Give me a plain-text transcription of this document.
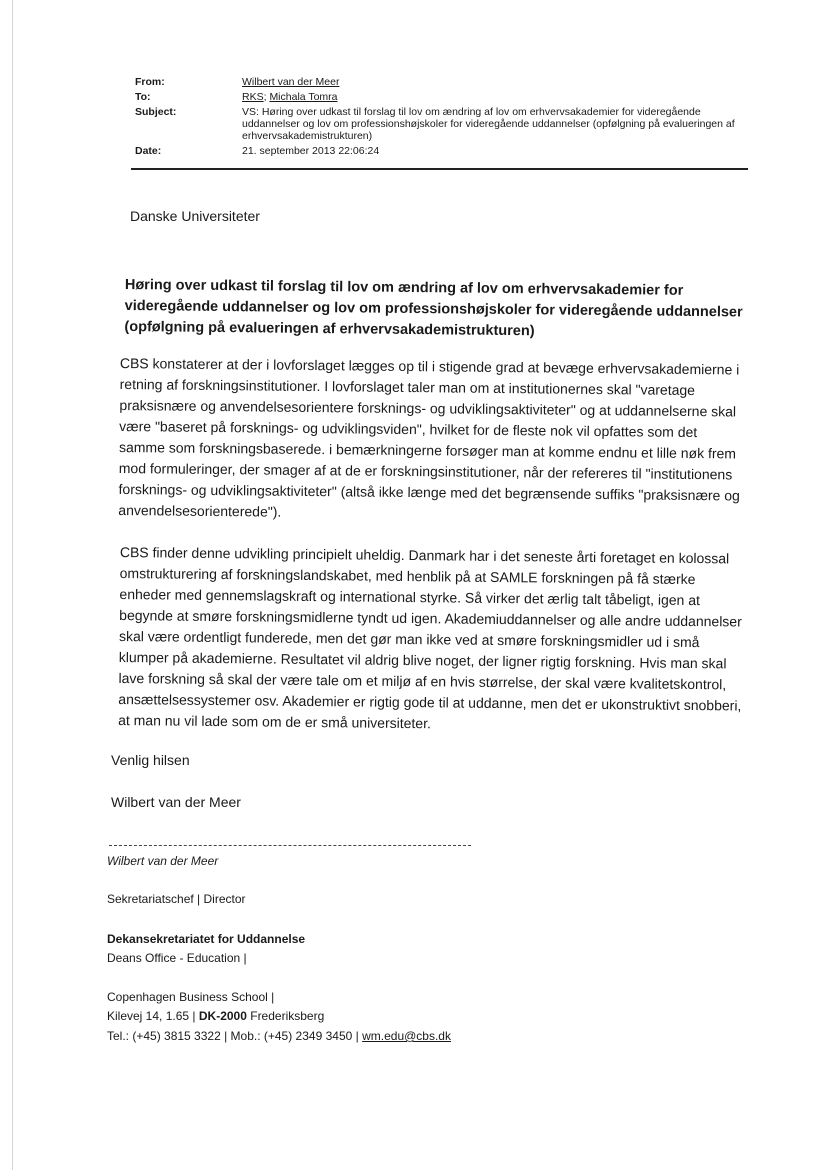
From:	Wilbert van der Meer
To:	RKS; Michala Tomra
Subject:	VS: Høring over udkast til forslag til lov om ændring af lov om erhvervsakademier for videregående uddannelser og lov om professionshøjskoler for videregående uddannelser (opfølgning på evalueringen af erhvervsakademistrukturen)
Date:	21. september 2013 22:06:24
Danske Universiteter
Høring over udkast til forslag til lov om ændring af lov om erhvervsakademier for videregående uddannelser og lov om professionshøjskoler for videregående uddannelser (opfølgning på evalueringen af erhvervsakademistrukturen)

CBS konstaterer at der i lovforslaget lægges op til i stigende grad at bevæge erhvervsakademierne i retning af forskningsinstitutioner. I lovforslaget taler man om at institutionernes skal "varetage praksisnære og anvendelsesorientere forsknings- og udviklingsaktiviteter" og at uddannelserne skal være "baseret på forsknings- og udviklingsviden", hvilket for de fleste nok vil opfattes som det samme som forskningsbaserede. i bemærkningerne forsøger man at komme endnu et lille nøk frem mod formuleringer, der smager af at de er forskningsinstitutioner, når der refereres til "institutionens forsknings- og udviklingsaktiviteter" (altså ikke længe med det begrænsende suffiks "praksisnære og anvendelsesorienterede").

CBS finder denne udvikling principielt uheldig. Danmark har i det seneste årti foretaget en kolossal omstrukturering af forskningslandskabet, med henblik på at SAMLE forskningen på få stærke enheder med gennemslagskraft og international styrke. Så virker det ærlig talt tåbeligt, igen at begynde at smøre forskningsmidlerne tyndt ud igen. Akademiuddannelser og alle andre uddannelser skal være ordentligt funderede, men det gør man ikke ved at smøre forskningsmidler ud i små klumper på akademierne. Resultatet vil aldrig blive noget, der ligner rigtig forskning. Hvis man skal lave forskning så skal der være tale om et miljø af en hvis størrelse, der skal være kvalitetskontrol, ansættelsessystemer osv. Akademier er rigtig gode til at uddanne, men det er ukonstruktivt snobberi, at man nu vil lade som om de er små universiteter.

Venlig hilsen
Wilbert van der Meer
Wilbert van der Meer
Sekretariatschef | Director
Dekansekretariatet for Uddannelse
Deans Office - Education |
Copenhagen Business School |
Kilevej 14, 1.65 | DK-2000 Frederiksberg
Tel.: (+45) 3815 3322 | Mob.: (+45) 2349 3450 | wm.edu@cbs.dk
